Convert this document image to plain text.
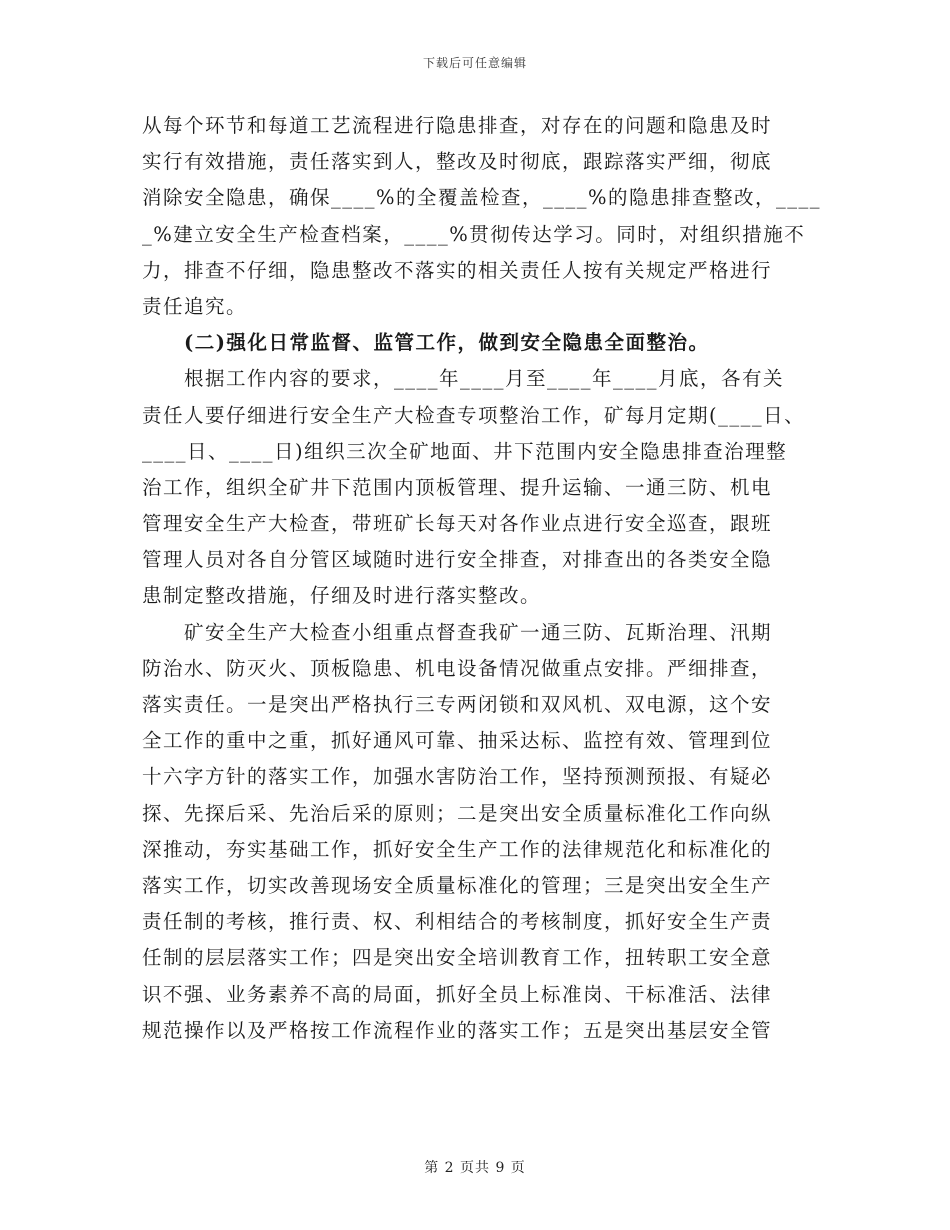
下载后可任意编辑
从每个环节和每道工艺流程进行隐患排查，对存在的问题和隐患及时
实行有效措施，责任落实到人，整改及时彻底，跟踪落实严细，彻底
消除安全隐患，确保____%的全覆盖检查，____%的隐患排查整改，____
_%建立安全生产检查档案，____%贯彻传达学习。同时，对组织措施不
力，排查不仔细，隐患整改不落实的相关责任人按有关规定严格进行
责任追究。
(二)强化日常监督、监管工作，做到安全隐患全面整治。
根据工作内容的要求，____年____月至____年____月底，各有关
责任人要仔细进行安全生产大检查专项整治工作，矿每月定期(____日、
____日、____日)组织三次全矿地面、井下范围内安全隐患排查治理整
治工作，组织全矿井下范围内顶板管理、提升运输、一通三防、机电
管理安全生产大检查，带班矿长每天对各作业点进行安全巡查，跟班
管理人员对各自分管区域随时进行安全排查，对排查出的各类安全隐
患制定整改措施，仔细及时进行落实整改。
矿安全生产大检查小组重点督查我矿一通三防、瓦斯治理、汛期
防治水、防灭火、顶板隐患、机电设备情况做重点安排。严细排查，
落实责任。一是突出严格执行三专两闭锁和双风机、双电源，这个安
全工作的重中之重，抓好通风可靠、抽采达标、监控有效、管理到位
十六字方针的落实工作，加强水害防治工作，坚持预测预报、有疑必
探、先探后采、先治后采的原则；二是突出安全质量标准化工作向纵
深推动，夯实基础工作，抓好安全生产工作的法律规范化和标准化的
落实工作，切实改善现场安全质量标准化的管理；三是突出安全生产
责任制的考核，推行责、权、利相结合的考核制度，抓好安全生产责
任制的层层落实工作；四是突出安全培训教育工作，扭转职工安全意
识不强、业务素养不高的局面，抓好全员上标准岗、干标准活、法律
规范操作以及严格按工作流程作业的落实工作；五是突出基层安全管
第 2 页共 9 页
